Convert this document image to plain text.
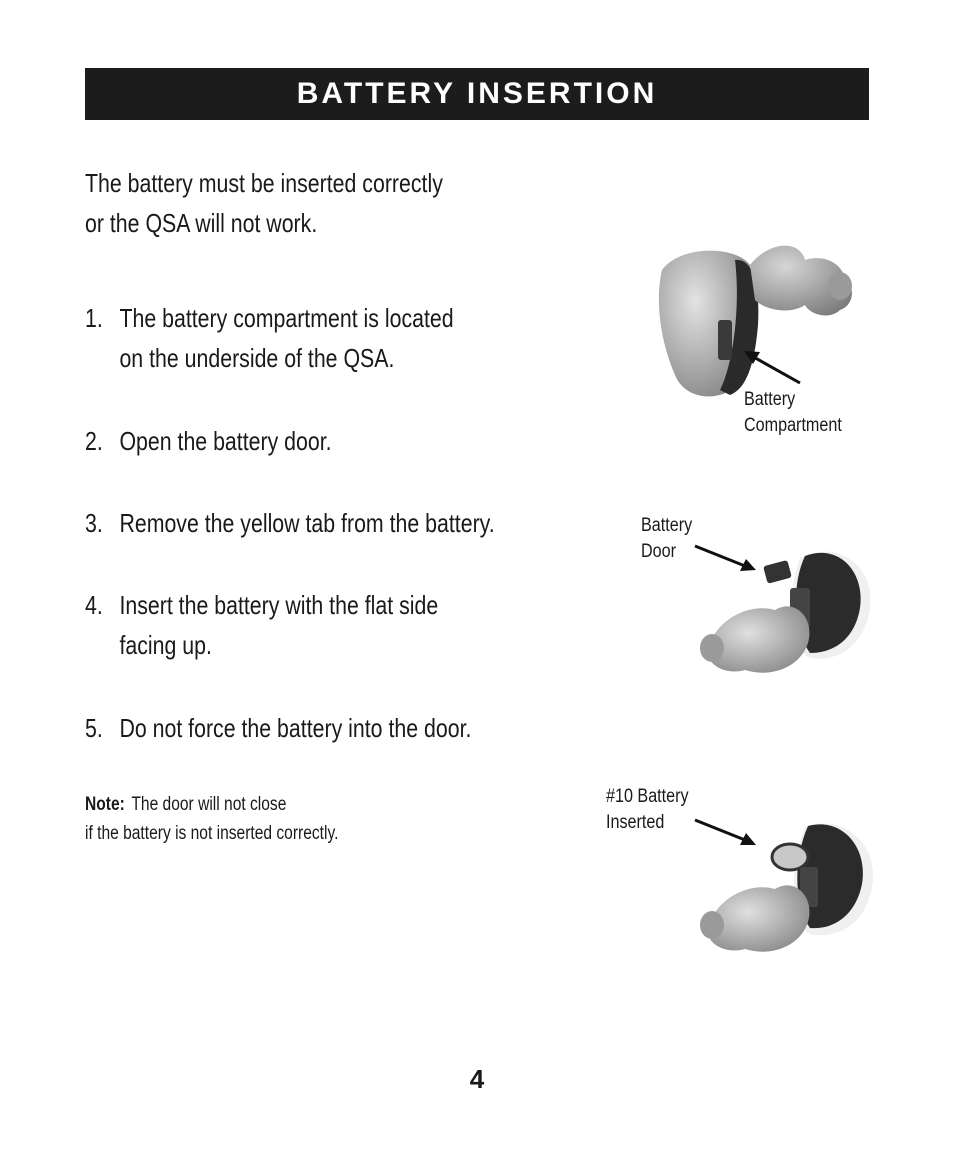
BATTERY INSERTION
The battery must be inserted correctly
or the QSA will not work.
1. The battery compartment is located
on the underside of the QSA.
2. Open the battery door.
3. Remove the yellow tab from the battery.
4. Insert the battery with the flat side
facing up.
5. Do not force the battery into the door.
Note: The door will not close
if the battery is not inserted correctly.
Battery
Compartment
Battery
Door
#10 Battery
Inserted
4
